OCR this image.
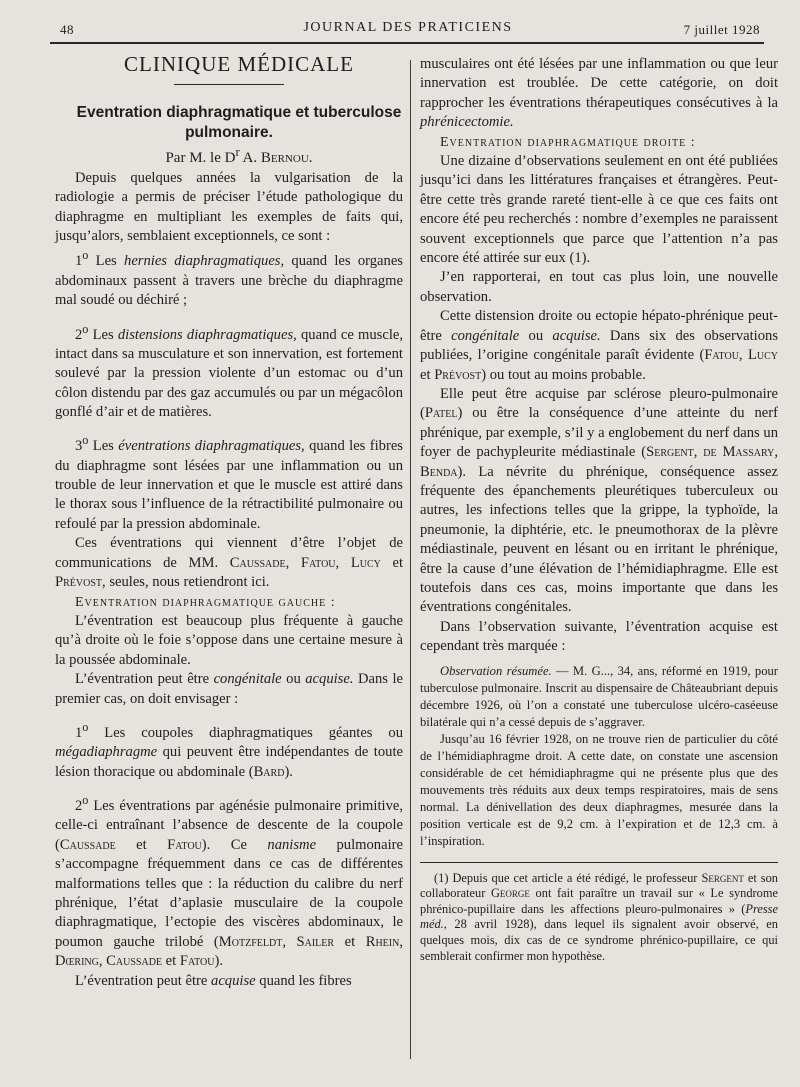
48	JOURNAL DES PRATICIENS	7 juillet 1928

CLINIQUE MÉDICALE

Eventration diaphragmatique et tuberculose pulmonaire.

Par M. le $D^r$ A. Bernou.

Depuis quelques années la vulgarisation de la radiologie a permis de préciser l’étude pathologique du diaphragme en multipliant les exemples de faits qui, jusqu’alors, semblaient exceptionnels, ce sont :

1$^o$ Les hernies diaphragmatiques, quand les organes abdominaux passent à travers une brèche du diaphragme mal soudé ou déchiré ;

2$^o$ Les distensions diaphragmatiques, quand ce muscle, intact dans sa musculature et son innervation, est fortement soulevé par la pression violente d’un estomac ou d’un côlon distendu par des gaz accumulés ou par un mégacôlon gonflé d’air et de matières.

3$^o$ Les éventrations diaphragmatiques, quand les fibres du diaphragme sont lésées par une inflammation ou un trouble de leur innervation et que le muscle est attiré dans le thorax sous l’influence de la rétractibilité pulmonaire ou refoulé par la pression abdominale.

Ces éventrations qui viennent d’être l’objet de communications de MM. Caussade, Fatou, Lucy et Prévost, seules, nous retiendront ici.

Eventration diaphragmatique gauche :

L’éventration est beaucoup plus fréquente à gauche qu’à droite où le foie s’oppose dans une certaine mesure à la poussée abdominale.

L’éventration peut être congénitale ou acquise. Dans le premier cas, on doit envisager :

1$^o$ Les coupoles diaphragmatiques géantes ou mégadiaphragme qui peuvent être indépendantes de toute lésion thoracique ou abdominale (Bard).

2$^o$ Les éventrations par agénésie pulmonaire primitive, celle-ci entraînant l’absence de descente de la coupole (Caussade et Fatou). Ce nanisme pulmonaire s’accompagne fréquemment dans ce cas de différentes malformations telles que : la réduction du calibre du nerf phrénique, l’état d’aplasie musculaire de la coupole diaphragmatique, l’ectopie des viscères abdominaux, le poumon gauche trilobé (Motzfeldt, Sailer et Rhein, Dœring, Caussade et Fatou).

L’éventration peut être acquise quand les fibres

musculaires ont été lésées par une inflammation ou que leur innervation est troublée. De cette catégorie, on doit rapprocher les éventrations thérapeutiques consécutives à la phrénicectomie.

Eventration diaphragmatique droite :

Une dizaine d’observations seulement en ont été publiées jusqu’ici dans les littératures françaises et étrangères. Peut-être cette très grande rareté tient-elle à ce que ces faits ont encore été peu recherchés : nombre d’exemples ne paraissent souvent exceptionnels que parce que l’attention n’a pas encore été attirée sur eux (1).

J’en rapporterai, en tout cas plus loin, une nouvelle observation.

Cette distension droite ou ectopie hépato-phrénique peut-être congénitale ou acquise. Dans six des observations publiées, l’origine congénitale paraît évidente (Fatou, Lucy et Prévost) ou tout au moins probable.

Elle peut être acquise par sclérose pleuro-pulmonaire (Patel) ou être la conséquence d’une atteinte du nerf phrénique, par exemple, s’il y a englobement du nerf dans un foyer de pachypleurite médiastinale (Sergent, de Massary, Benda). La névrite du phrénique, conséquence assez fréquente des épanchements pleurétiques tuberculeux ou autres, les infections telles que la grippe, la typhoïde, la pneumonie, la diphtérie, etc. le pneumothorax de la plèvre médiastinale, peuvent en lésant ou en irritant le phrénique, être la cause d’une élévation de l’hémidiaphragme. Elle est toutefois dans ces cas, moins importante que dans les éventrations congénitales.

Dans l’observation suivante, l’éventration acquise est cependant très marquée :

Observation résumée. — M. G..., 34, ans, réformé en 1919, pour tuberculose pulmonaire. Inscrit au dispensaire de Châteaubriant depuis décembre 1926, où l’on a constaté une tuberculose ulcéro-caséeuse bilatérale qui n’a cessé depuis de s’aggraver.

Jusqu’au 16 février 1928, on ne trouve rien de particulier du côté de l’hémidiaphragme droit. A cette date, on constate une ascension considérable de cet hémidiaphragme qui ne présente plus que des mouvements très réduits aux deux temps respiratoires, mais de sens normal. La dénivellation des deux diaphragmes, mesurée dans la position verticale est de 9,2 cm. à l’expiration et de 12,3 cm. à l’inspiration.

(1) Depuis que cet article a été rédigé, le professeur Sergent et son collaborateur George ont fait paraître un travail sur « Le syndrome phrénico-pupillaire dans les affections pleuro-pulmonaires » (Presse méd., 28 avril 1928), dans lequel ils signalent avoir observé, en quelques mois, dix cas de ce syndrome phrénico-pupillaire, ce qui semblerait confirmer mon hypothèse.
